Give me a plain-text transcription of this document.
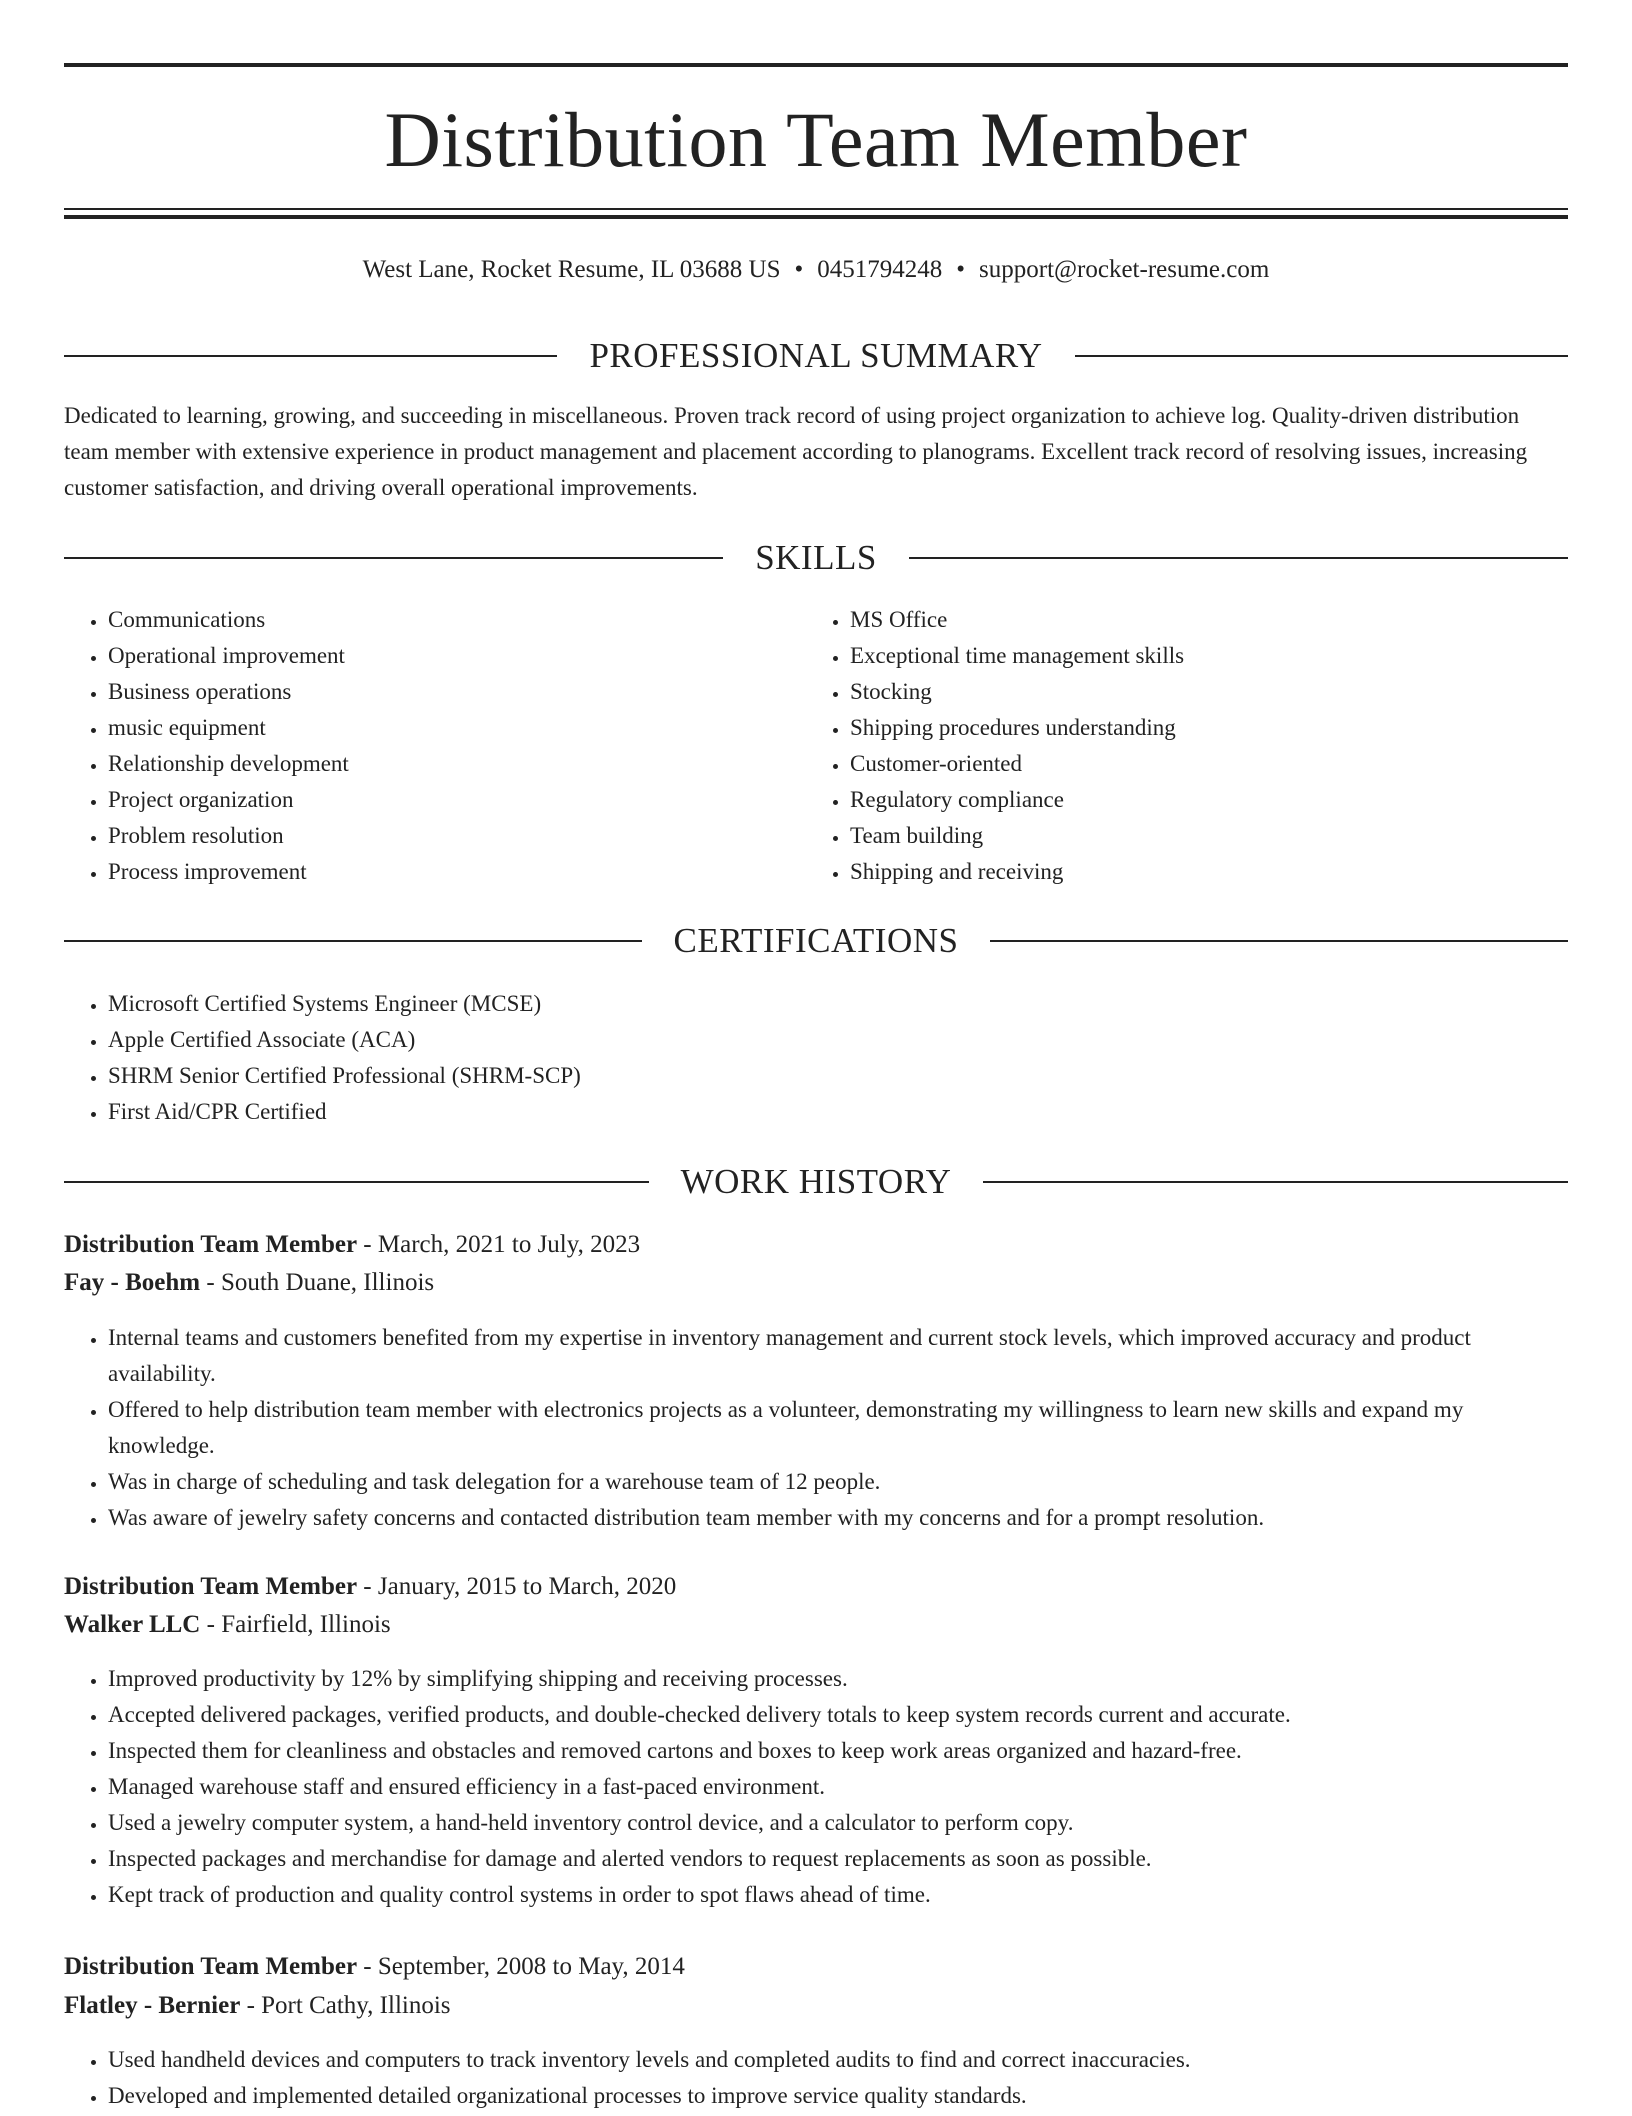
Distribution Team Member
West Lane, Rocket Resume, IL 03688 US • 0451794248 • support@rocket-resume.com
PROFESSIONAL SUMMARY
Dedicated to learning, growing, and succeeding in miscellaneous. Proven track record of using project organization to achieve log. Quality-driven distribution team member with extensive experience in product management and placement according to planograms. Excellent track record of resolving issues, increasing customer satisfaction, and driving overall operational improvements.
SKILLS
• Communications
• Operational improvement
• Business operations
• music equipment
• Relationship development
• Project organization
• Problem resolution
• Process improvement
• MS Office
• Exceptional time management skills
• Stocking
• Shipping procedures understanding
• Customer-oriented
• Regulatory compliance
• Team building
• Shipping and receiving
CERTIFICATIONS
• Microsoft Certified Systems Engineer (MCSE)
• Apple Certified Associate (ACA)
• SHRM Senior Certified Professional (SHRM-SCP)
• First Aid/CPR Certified
WORK HISTORY
Distribution Team Member - March, 2021 to July, 2023
Fay - Boehm - South Duane, Illinois
• Internal teams and customers benefited from my expertise in inventory management and current stock levels, which improved accuracy and product availability.
• Offered to help distribution team member with electronics projects as a volunteer, demonstrating my willingness to learn new skills and expand my knowledge.
• Was in charge of scheduling and task delegation for a warehouse team of 12 people.
• Was aware of jewelry safety concerns and contacted distribution team member with my concerns and for a prompt resolution.
Distribution Team Member - January, 2015 to March, 2020
Walker LLC - Fairfield, Illinois
• Improved productivity by 12% by simplifying shipping and receiving processes.
• Accepted delivered packages, verified products, and double-checked delivery totals to keep system records current and accurate.
• Inspected them for cleanliness and obstacles and removed cartons and boxes to keep work areas organized and hazard-free.
• Managed warehouse staff and ensured efficiency in a fast-paced environment.
• Used a jewelry computer system, a hand-held inventory control device, and a calculator to perform copy.
• Inspected packages and merchandise for damage and alerted vendors to request replacements as soon as possible.
• Kept track of production and quality control systems in order to spot flaws ahead of time.
Distribution Team Member - September, 2008 to May, 2014
Flatley - Bernier - Port Cathy, Illinois
• Used handheld devices and computers to track inventory levels and completed audits to find and correct inaccuracies.
• Developed and implemented detailed organizational processes to improve service quality standards.
